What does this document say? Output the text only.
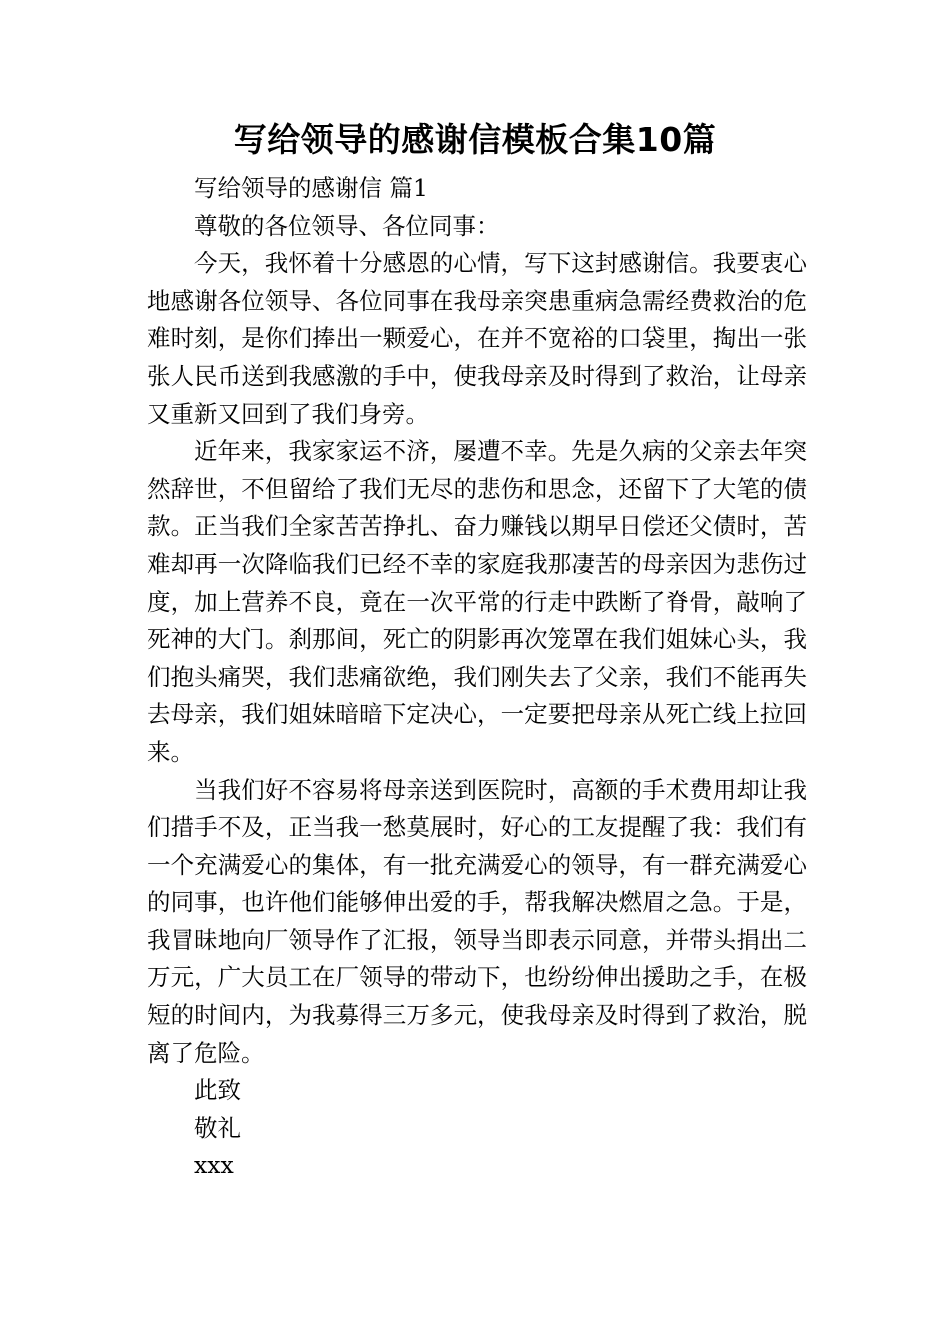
写给领导的感谢信模板合集10篇

写给领导的感谢信 篇1

尊敬的各位领导、各位同事：

今天，我怀着十分感恩的心情，写下这封感谢信。我要衷心地感谢各位领导、各位同事在我母亲突患重病急需经费救治的危难时刻，是你们捧出一颗爱心，在并不宽裕的口袋里，掏出一张张人民币送到我感激的手中，使我母亲及时得到了救治，让母亲又重新又回到了我们身旁。

近年来，我家家运不济，屡遭不幸。先是久病的父亲去年突然辞世，不但留给了我们无尽的悲伤和思念，还留下了大笔的债款。正当我们全家苦苦挣扎、奋力赚钱以期早日偿还父债时，苦难却再一次降临我们已经不幸的家庭我那凄苦的母亲因为悲伤过度，加上营养不良，竟在一次平常的行走中跌断了脊骨，敲响了死神的大门。刹那间，死亡的阴影再次笼罩在我们姐妹心头，我们抱头痛哭，我们悲痛欲绝，我们刚失去了父亲，我们不能再失去母亲，我们姐妹暗暗下定决心，一定要把母亲从死亡线上拉回来。

当我们好不容易将母亲送到医院时，高额的手术费用却让我们措手不及，正当我一愁莫展时，好心的工友提醒了我：我们有一个充满爱心的集体，有一批充满爱心的领导，有一群充满爱心的同事，也许他们能够伸出爱的手，帮我解决燃眉之急。于是，我冒昧地向厂领导作了汇报，领导当即表示同意，并带头捐出二万元，广大员工在厂领导的带动下，也纷纷伸出援助之手，在极短的时间内，为我募得三万多元，使我母亲及时得到了救治，脱离了危险。

此致

敬礼

xxx
